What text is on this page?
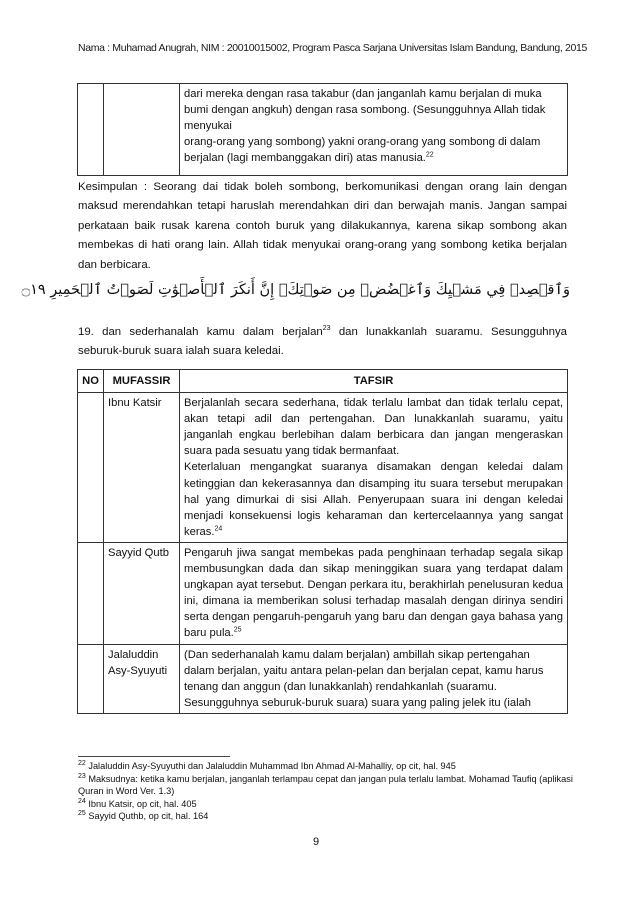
Nama : Muhamad Anugrah, NIM : 20010015002, Program Pasca Sarjana Universitas Islam Bandung, Bandung, 2015

dari mereka dengan rasa takabur (dan janganlah kamu berjalan di muka
bumi dengan angkuh) dengan rasa sombong. (Sesungguhnya Allah tidak
menyukai
orang-orang yang sombong) yakni orang-orang yang sombong di dalam
berjalan (lagi membanggakan diri) atas manusia.$^{22}$
Kesimpulan : Seorang dai tidak boleh sombong, berkomunikasi dengan orang lain dengan maksud merendahkan tetapi haruslah merendahkan diri dan berwajah manis. Jangan sampai perkataan baik rusak karena contoh buruk yang dilakukannya, karena sikap sombong akan membekas di hati orang lain. Allah tidak menyukai orang-orang yang sombong ketika berjalan dan berbicara.
وَٱقۡصِدۡ فِي مَشۡيِكَ وَٱغۡضُضۡ مِن صَوۡتِكَۚ إِنَّ أَنكَرَ ٱلۡأَصۡوَٰتِ لَصَوۡتُ ٱلۡحَمِيرِ ۝١٩
19. dan sederhanalah kamu dalam berjalan$^{23}$ dan lunakkanlah suaramu. Sesungguhnya seburuk-buruk suara ialah suara keledai.
NO	MUFASSIR	TAFSIR
	Ibnu Katsir	Berjalanlah secara sederhana, tidak terlalu lambat dan tidak terlalu cepat, akan tetapi adil dan pertengahan. Dan lunakkanlah suaramu, yaitu janganlah engkau berlebihan dalam berbicara dan jangan mengeraskan suara pada sesuatu yang tidak bermanfaat.
Keterlaluan mengangkat suaranya disamakan dengan keledai dalam ketinggian dan kekerasannya dan disamping itu suara tersebut merupakan hal yang dimurkai di sisi Allah. Penyerupaan suara ini dengan keledai menjadi konsekuensi logis keharaman dan kertercelaannya yang sangat keras.$^{24}$

	Sayyid Qutb	Pengaruh jiwa sangat membekas pada penghinaan terhadap segala sikap membusungkan dada dan sikap meninggikan suara yang terdapat dalam ungkapan ayat tersebut. Dengan perkara itu, berakhirlah penelusuran kedua ini, dimana ia memberikan solusi terhadap masalah dengan dirinya sendiri serta dengan pengaruh-pengaruh yang baru dan dengan gaya bahasa yang baru pula.$^{25}$

	Jalaluddin
Asy-Syuyuti	(Dan sederhanalah kamu dalam berjalan) ambillah sikap pertengahan dalam berjalan, yaitu antara pelan-pelan dan berjalan cepat, kamu harus tenang dan anggun (dan lunakkanlah) rendahkanlah (suaramu. Sesungguhnya seburuk-buruk suara) suara yang paling jelek itu (ialah
$^{22}$ Jalaluddin Asy-Syuyuthi dan Jalaluddin Muhammad Ibn Ahmad Al-Mahalliy, op cit, hal. 945
$^{23}$ Maksudnya: ketika kamu berjalan, janganlah terlampau cepat dan jangan pula terlalu lambat. Mohamad Taufiq (aplikasi Quran in Word Ver. 1.3)
$^{24}$ Ibnu Katsir, op cit, hal. 405
$^{25}$ Sayyid Quthb, op cit, hal. 164
9
